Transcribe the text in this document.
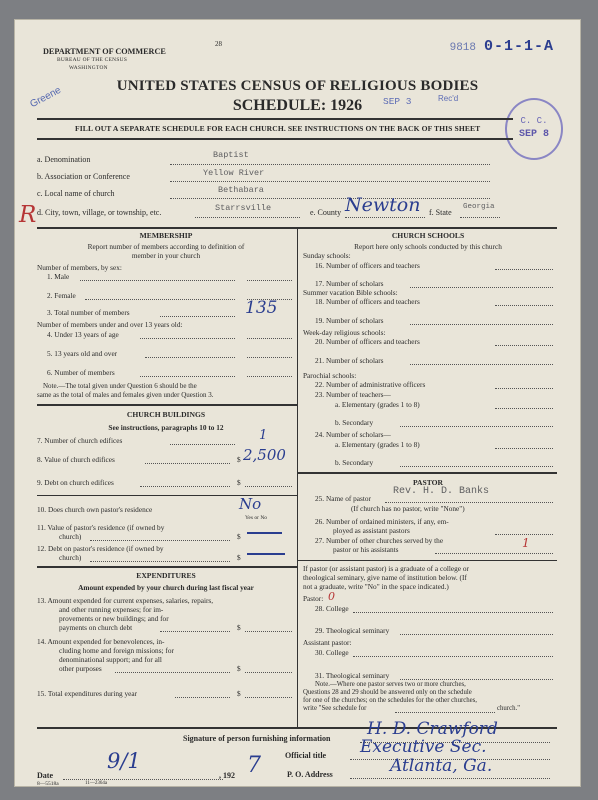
DEPARTMENT OF COMMERCE
BUREAU OF THE CENSUS
WASHINGTON
28	9818 0-1-1-A
Greene	UNITED STATES CENSUS OF RELIGIOUS BODIES
SCHEDULE: 1926	SEP 3	Rec'd
C. C.
SEP 8
FILL OUT A SEPARATE SCHEDULE FOR EACH CHURCH. SEE INSTRUCTIONS ON THE BACK OF THIS SHEET
a. Denomination	Baptist
b. Association or Conference	Yellow River
c. Local name of church	Bethabara
d. City, town, village, or township, etc.	Starrsville	e. County Newton f. State
Georgia
R
MEMBERSHIP
Report number of members according to definition of
member in your church
Number of members, by sex:
1. Male
2. Female
3. Total number of members	135
Number of members under and over 13 years old:
4. Under 13 years of age
5. 13 years old and over
6. Number of members
Note.—The total given under Question 6 should be the
same as the total of males and females given under Question 3.
CHURCH BUILDINGS
See instructions, paragraphs 10 to 12
7. Number of church edifices	1
8. Value of church edifices	$ 2,500
9. Debt on church edifices	$
10. Does church own pastor's residence	No
Yes or No
11. Value of pastor's residence (if owned by
church)	$
12. Debt on pastor's residence (if owned by
church)	$
EXPENDITURES
Amount expended by your church during last fiscal year
13. Amount expended for current expenses, salaries, repairs,
and other running expenses; for im-
provements or new buildings; and for
payments on church debt	$
14. Amount expended for benevolences, in-
cluding home and foreign missions; for
denominational support; and for all
other purposes	$
15. Total expenditures during year	$
CHURCH SCHOOLS
Report here only schools conducted by this church
Sunday schools:
16. Number of officers and teachers
17. Number of scholars
Summer vacation Bible schools:
18. Number of officers and teachers
19. Number of scholars
Week-day religious schools:
20. Number of officers and teachers
21. Number of scholars
Parochial schools:
22. Number of administrative officers
23. Number of teachers—
a. Elementary (grades 1 to 8)
b. Secondary
24. Number of scholars—
a. Elementary (grades 1 to 8)
b. Secondary
PASTOR
25. Name of pastor
Rev. H. D. Banks
(If church has no pastor, write "None")
26. Number of ordained ministers, if any, em-
ployed as assistant pastors
27. Number of other churches served by the
pastor or his assistants	1
If pastor (or assistant pastor) is a graduate of a college or
theological seminary, give name of institution below. (If
not a graduate, write "No" in the space indicated.)
Pastor: 0
28. College
29. Theological seminary
Assistant pastor:
30. College
31. Theological seminary
Note.—Where one pastor serves two or more churches,
Questions 28 and 29 should be answered only on the schedule
for one of the churches; on the schedules for the other churches,
write "See schedule for	church."
Signature of person furnishing information H. D. Crawford
Official title Executive Sec.
P. O. Address	Atlanta, Ga.
Date
9/1
, 192 7
8—5518a	11—2364a
